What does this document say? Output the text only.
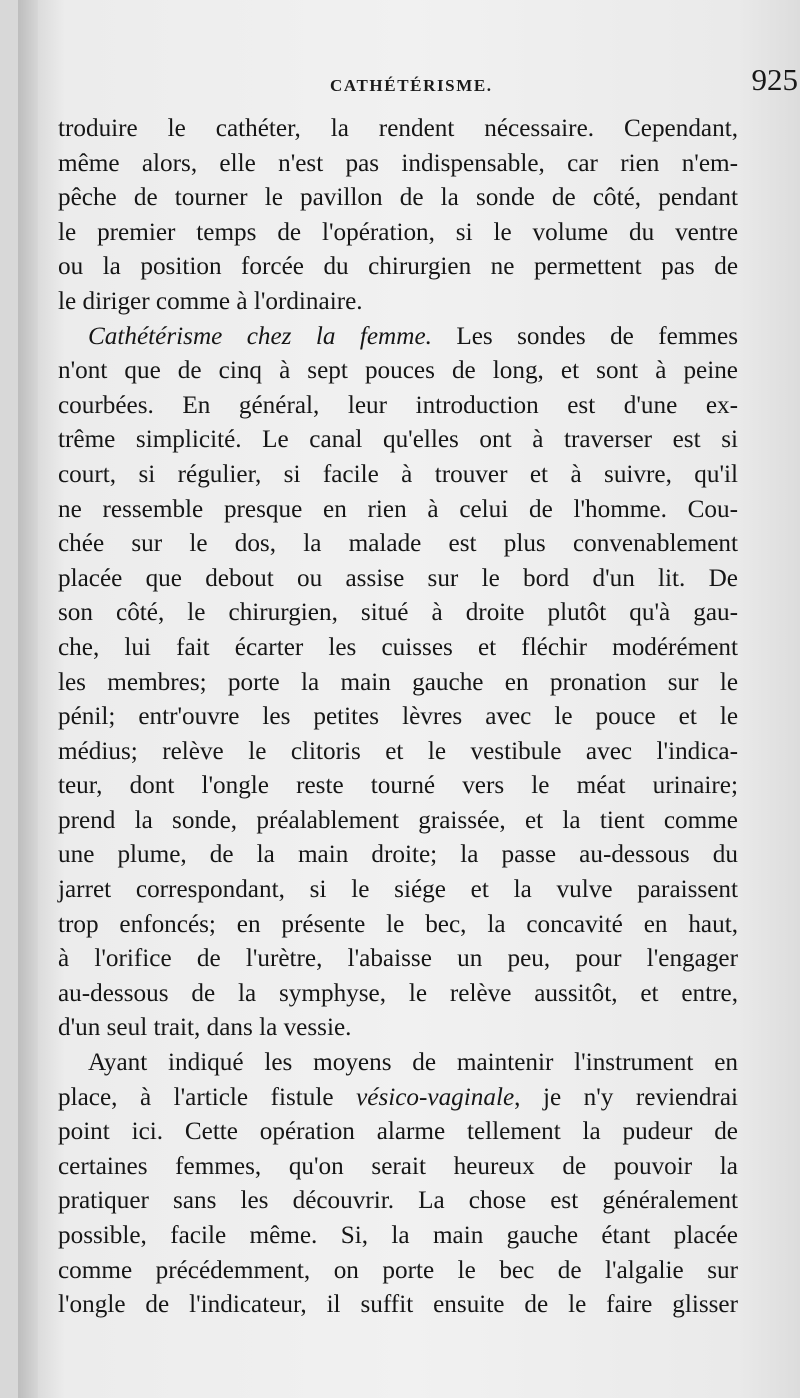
CATHÉTÉRISME.	925
troduire le cathéter, la rendent nécessaire. Cependant,
même alors, elle n'est pas indispensable, car rien n'em-
pêche de tourner le pavillon de la sonde de côté, pendant
le premier temps de l'opération, si le volume du ventre
ou la position forcée du chirurgien ne permettent pas de
le diriger comme à l'ordinaire.
Cathétérisme chez la femme. Les sondes de femmes
n'ont que de cinq à sept pouces de long, et sont à peine
courbées. En général, leur introduction est d'une ex-
trême simplicité. Le canal qu'elles ont à traverser est si
court, si régulier, si facile à trouver et à suivre, qu'il
ne ressemble presque en rien à celui de l'homme. Cou-
chée sur le dos, la malade est plus convenablement
placée que debout ou assise sur le bord d'un lit. De
son côté, le chirurgien, situé à droite plutôt qu'à gau-
che, lui fait écarter les cuisses et fléchir modérément
les membres; porte la main gauche en pronation sur le
pénil; entr'ouvre les petites lèvres avec le pouce et le
médius; relève le clitoris et le vestibule avec l'indica-
teur, dont l'ongle reste tourné vers le méat urinaire;
prend la sonde, préalablement graissée, et la tient comme
une plume, de la main droite; la passe au-dessous du
jarret correspondant, si le siége et la vulve paraissent
trop enfoncés; en présente le bec, la concavité en haut,
à l'orifice de l'urètre, l'abaisse un peu, pour l'engager
au-dessous de la symphyse, le relève aussitôt, et entre,
d'un seul trait, dans la vessie.
Ayant indiqué les moyens de maintenir l'instrument en
place, à l'article fistule vésico-vaginale, je n'y reviendrai
point ici. Cette opération alarme tellement la pudeur de
certaines femmes, qu'on serait heureux de pouvoir la
pratiquer sans les découvrir. La chose est généralement
possible, facile même. Si, la main gauche étant placée
comme précédemment, on porte le bec de l'algalie sur
l'ongle de l'indicateur, il suffit ensuite de le faire glisser
